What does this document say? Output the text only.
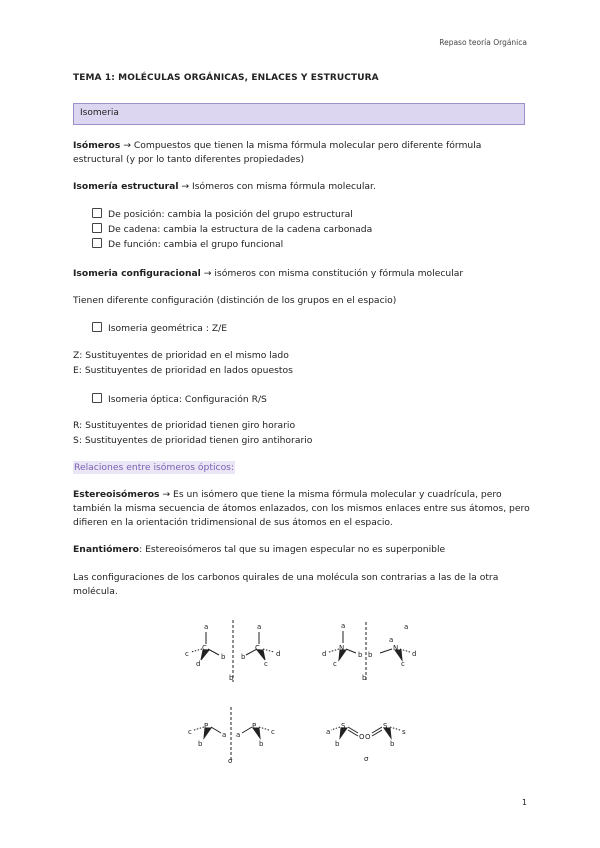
Repaso teoría Orgánica
TEMA 1: MOLÉCULAS ORGÁNICAS, ENLACES Y ESTRUCTURA
Isomeria
Isómeros → Compuestos que tienen la misma fórmula molecular pero diferente fórmula estructural (y por lo tanto diferentes propiedades)
Isomería estructural → Isómeros con misma fórmula molecular.
De posición: cambia la posición del grupo estructural
De cadena: cambia la estructura de la cadena carbonada
De función: cambia el grupo funcional
Isomeria configuracional → isómeros con misma constitución y fórmula molecular
Tienen diferente configuración (distinción de los grupos en el espacio)
Isomeria geométrica : Z/E
Z: Sustituyentes de prioridad en el mismo lado
E: Sustituyentes de prioridad en lados opuestos
Isomeria óptica: Configuración R/S
R: Sustituyentes de prioridad tienen giro horario
S: Sustituyentes de prioridad tienen giro antihorario
Relaciones entre isómeros ópticos:
Estereoisómeros → Es un isómero que tiene la misma fórmula molecular y cuadrícula, pero también la misma secuencia de átomos enlazados, con los mismos enlaces entre sus átomos, pero difieren en la orientación tridimensional de sus átomos en el espacio.
Enantiómero: Estereoisómeros tal que su imagen especular no es superponible
Las configuraciones de los carbonos quirales de una molécula son contrarias a las de la otra molécula.
a
C
c	b
d
a
C
b	d
c
b
a
N
d	b
c
b
a
N
a
d
c
b
P
c	a
b
a
P
c
b
σ
S
a
O
b
O
S
s
b
σ
1
